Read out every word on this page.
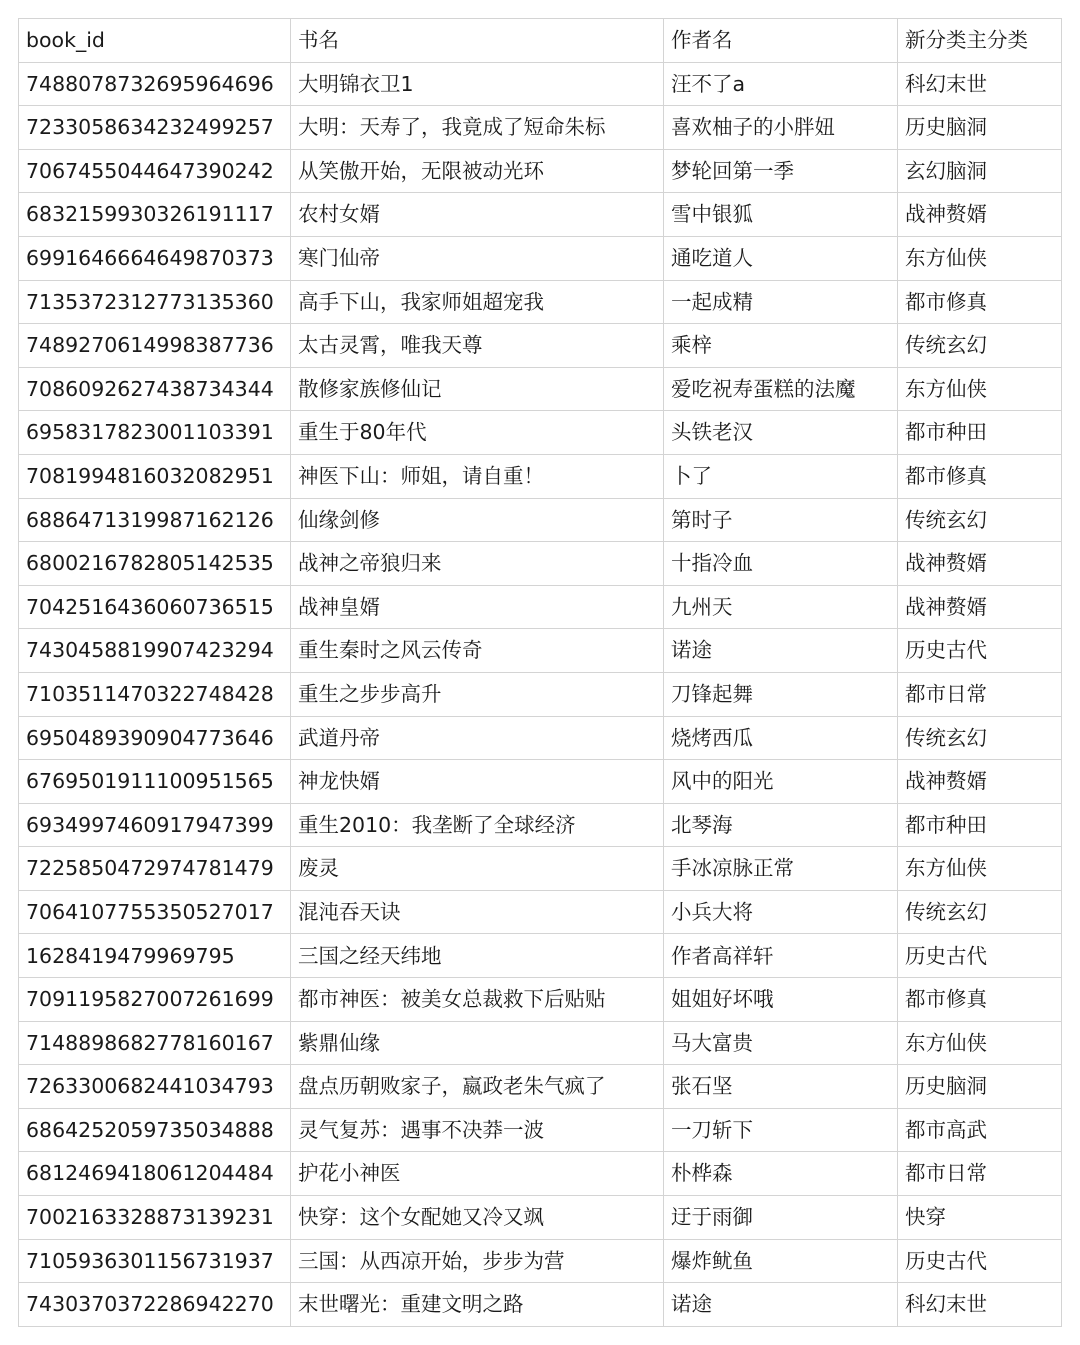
book_id	书名	作者名	新分类主分类
7488078732695964696	大明锦衣卫1	汪不了a	科幻末世
7233058634232499257	大明：天寿了，我竟成了短命朱标	喜欢柚子的小胖妞	历史脑洞
7067455044647390242	从笑傲开始，无限被动光环	梦轮回第一季	玄幻脑洞
6832159930326191117	农村女婿	雪中银狐	战神赘婿
6991646664649870373	寒门仙帝	通吃道人	东方仙侠
7135372312773135360	高手下山，我家师姐超宠我	一起成精	都市修真
7489270614998387736	太古灵霄，唯我天尊	乘梓	传统玄幻
7086092627438734344	散修家族修仙记	爱吃祝寿蛋糕的法魔	东方仙侠
6958317823001103391	重生于80年代	头铁老汉	都市种田
7081994816032082951	神医下山：师姐，请自重！	卜了	都市修真
6886471319987162126	仙缘剑修	第时子	传统玄幻
6800216782805142535	战神之帝狼归来	十指冷血	战神赘婿
7042516436060736515	战神皇婿	九州天	战神赘婿
7430458819907423294	重生秦时之风云传奇	诺途	历史古代
7103511470322748428	重生之步步高升	刀锋起舞	都市日常
6950489390904773646	武道丹帝	烧烤西瓜	传统玄幻
6769501911100951565	神龙快婿	风中的阳光	战神赘婿
6934997460917947399	重生2010：我垄断了全球经济	北琴海	都市种田
7225850472974781479	废灵	手冰凉脉正常	东方仙侠
7064107755350527017	混沌吞天诀	小兵大将	传统玄幻
1628419479969795	三国之经天纬地	作者高祥轩	历史古代
7091195827007261699	都市神医：被美女总裁救下后贴贴	姐姐好坏哦	都市修真
7148898682778160167	紫鼎仙缘	马大富贵	东方仙侠
7263300682441034793	盘点历朝败家子，嬴政老朱气疯了	张石坚	历史脑洞
6864252059735034888	灵气复苏：遇事不决莽一波	一刀斩下	都市高武
6812469418061204484	护花小神医	朴桦森	都市日常
7002163328873139231	快穿：这个女配她又冷又飒	迂于雨御	快穿
7105936301156731937	三国：从西凉开始，步步为营	爆炸鱿鱼	历史古代
7430370372286942270	末世曙光：重建文明之路	诺途	科幻末世
